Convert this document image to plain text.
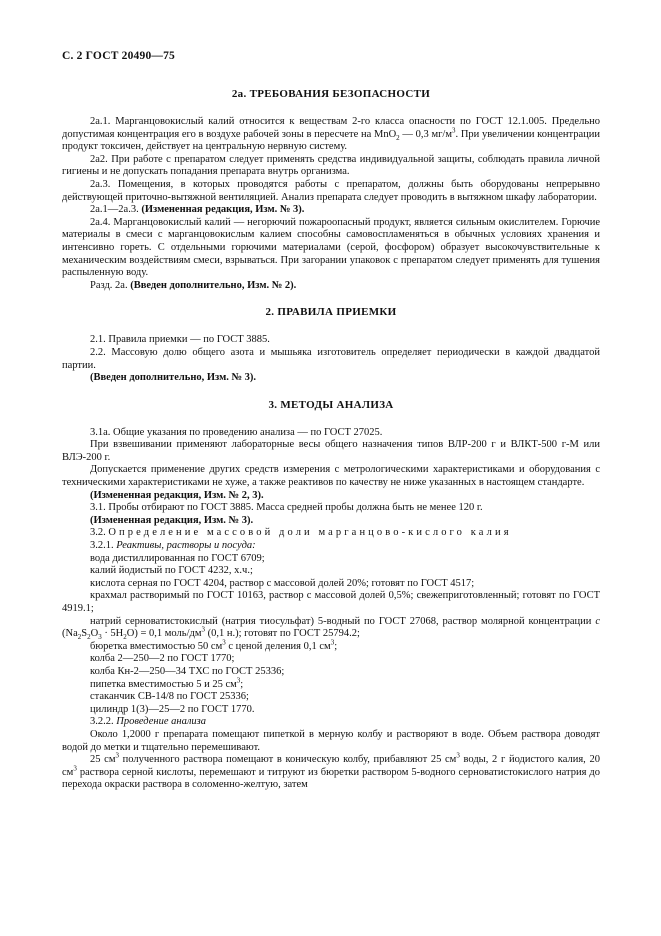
С. 2 ГОСТ 20490—75
2а. ТРЕБОВАНИЯ БЕЗОПАСНОСТИ

2а.1. Марганцовокислый калий относится к веществам 2-го класса опасности по ГОСТ 12.1.005. Предельно допустимая концентрация его в воздухе рабочей зоны в пересчете на MnO$_2$ — 0,3 $мг/м^3$. При увеличении концентрации продукт токсичен, действует на центральную нервную систему.

2а2. При работе с препаратом следует применять средства индивидуальной защиты, соблюдать правила личной гигиены и не допускать попадания препарата внутрь организма.

2а.3. Помещения, в которых проводятся работы с препаратом, должны быть оборудованы непрерывно действующей приточно-вытяжной вентиляцией. Анализ препарата следует проводить в вытяжном шкафу лаборатории.

2а.1—2а.3. (Измененная редакция, Изм. № 3).

2а.4. Марганцовокислый калий — негорючий пожароопасный продукт, является сильным окислителем. Горючие материалы в смеси с марганцовокислым калием способны самовоспламеняться в обычных условиях хранения и интенсивно гореть. С отдельными горючими материалами (серой, фосфором) образует высокочувствительные к механическим воздействиям смеси, взрываться. При загорании упаковок с препаратом следует применять для тушения распыленную воду.

Разд. 2а. (Введен дополнительно, Изм. № 2).

2. ПРАВИЛА ПРИЕМКИ

2.1. Правила приемки — по ГОСТ 3885.

2.2. Массовую долю общего азота и мышьяка изготовитель определяет периодически в каждой двадцатой партии.

(Введен дополнительно, Изм. № 3).

3. МЕТОДЫ АНАЛИЗА

3.1а. Общие указания по проведению анализа — по ГОСТ 27025.

При взвешивании применяют лабораторные весы общего назначения типов ВЛР-200 г и ВЛКТ-500 г-М или ВЛЭ-200 г.

Допускается применение других средств измерения с метрологическими характеристиками и оборудования с техническими характеристиками не хуже, а также реактивов по качеству не ниже указанных в настоящем стандарте.

(Измененная редакция, Изм. № 2, 3).

3.1. Пробы отбирают по ГОСТ 3885. Масса средней пробы должна быть не менее 120 г.

(Измененная редакция, Изм. № 3).

3.2. Определение массовой доли марганцово-кислого калия

3.2.1. Реактивы, растворы и посуда:

вода дистиллированная по ГОСТ 6709;

калий йодистый по ГОСТ 4232, х.ч.;

кислота серная по ГОСТ 4204, раствор с массовой долей 20%; готовят по ГОСТ 4517;

крахмал растворимый по ГОСТ 10163, раствор с массовой долей 0,5%; свежеприготовленный; готовят по ГОСТ 4919.1;

натрий серноватистокислый (натрия тиосульфат) 5-водный по ГОСТ 27068, раствор молярной концентрации c $(Na_2S_2O_3 \cdot 5H_2O) = 0,1$ моль/$дм^3$ (0,1 н.); готовят по ГОСТ 25794.2;

бюретка вместимостью 50 $см^3$ с ценой деления 0,1 $см^3$;

колба 2—250—2 по ГОСТ 1770;

колба Кн-2—250—34 ТХС по ГОСТ 25336;

пипетка вместимостью 5 и 25 $см^3$;

стаканчик СВ-14/8 по ГОСТ 25336;

цилиндр 1(3)—25—2 по ГОСТ 1770.

3.2.2. Проведение анализа

Около 1,2000 г препарата помещают пипеткой в мерную колбу и растворяют в воде. Объем раствора доводят водой до метки и тщательно перемешивают.

25 $см^3$ полученного раствора помещают в коническую колбу, прибавляют 25 $см^3$ воды, 2 г йодистого калия, 20 $см^3$ раствора серной кислоты, перемешают и титруют из бюретки раствором 5-водного серноватистокислого натрия до перехода окраски раствора в соломенно-желтую, затем
